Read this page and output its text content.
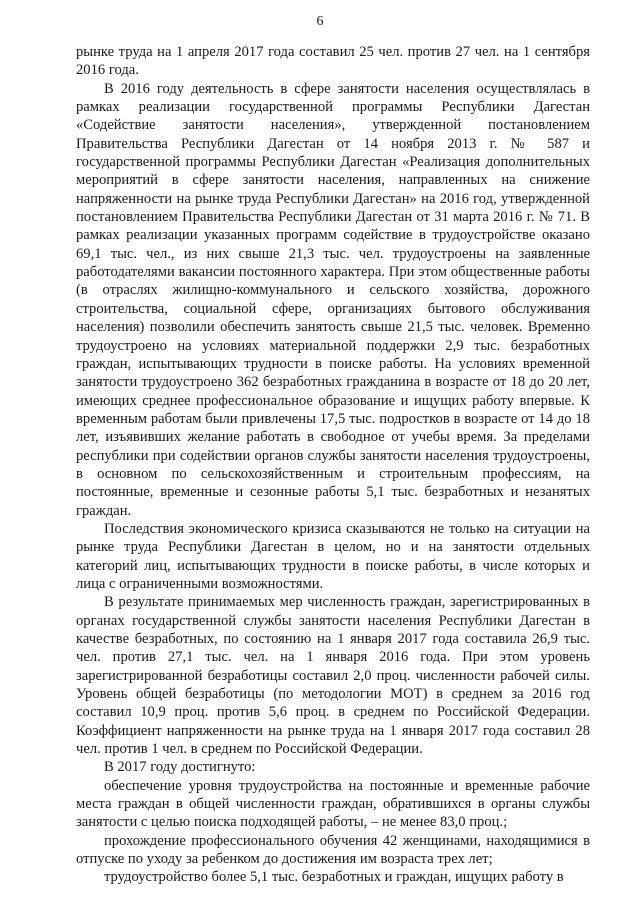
6

рынке труда на 1 апреля 2017 года составил 25 чел. против 27 чел. на 1 сентября 2016 года.

В 2016 году деятельность в сфере занятости населения осуществлялась в рамках реализации государственной программы Республики Дагестан «Содействие занятости населения», утвержденной постановлением Правительства Республики Дагестан от 14 ноября 2013 г. № 587 и государственной программы Республики Дагестан «Реализация дополнительных мероприятий в сфере занятости населения, направленных на снижение напряженности на рынке труда Республики Дагестан» на 2016 год, утвержденной постановлением Правительства Республики Дагестан от 31 марта 2016 г. № 71. В рамках реализации указанных программ содействие в трудоустройстве оказано 69,1 тыс. чел., из них свыше 21,3 тыс. чел. трудоустроены на заявленные работодателями вакансии постоянного характера. При этом общественные работы (в отраслях жилищно-коммунального и сельского хозяйства, дорожного строительства, социальной сфере, организациях бытового обслуживания населения) позволили обеспечить занятость свыше 21,5 тыс. человек. Временно трудоустроено на условиях материальной поддержки 2,9 тыс. безработных граждан, испытывающих трудности в поиске работы. На условиях временной занятости трудоустроено 362 безработных гражданина в возрасте от 18 до 20 лет, имеющих среднее профессиональное образование и ищущих работу впервые. К временным работам были привлечены 17,5 тыс. подростков в возрасте от 14 до 18 лет, изъявивших желание работать в свободное от учебы время. За пределами республики при содействии органов службы занятости населения трудоустроены, в основном по сельскохозяйственным и строительным профессиям, на постоянные, временные и сезонные работы 5,1 тыс. безработных и незанятых граждан.

Последствия экономического кризиса сказываются не только на ситуации на рынке труда Республики Дагестан в целом, но и на занятости отдельных категорий лиц, испытывающих трудности в поиске работы, в числе которых и лица с ограниченными возможностями.

В результате принимаемых мер численность граждан, зарегистрированных в органах государственной службы занятости населения Республики Дагестан в качестве безработных, по состоянию на 1 января 2017 года составила 26,9 тыс. чел. против 27,1 тыс. чел. на 1 января 2016 года. При этом уровень зарегистрированной безработицы составил 2,0 проц. численности рабочей силы. Уровень общей безработицы (по методологии МОТ) в среднем за 2016 год составил 10,9 проц. против 5,6 проц. в среднем по Российской Федерации. Коэффициент напряженности на рынке труда на 1 января 2017 года составил 28 чел. против 1 чел. в среднем по Российской Федерации.

В 2017 году достигнуто:

обеспечение уровня трудоустройства на постоянные и временные рабочие места граждан в общей численности граждан, обратившихся в органы службы занятости с целью поиска подходящей работы, – не менее 83,0 проц.;

прохождение профессионального обучения 42 женщинами, находящимися в отпуске по уходу за ребенком до достижения им возраста трех лет;

трудоустройство более 5,1 тыс. безработных и граждан, ищущих работу в
